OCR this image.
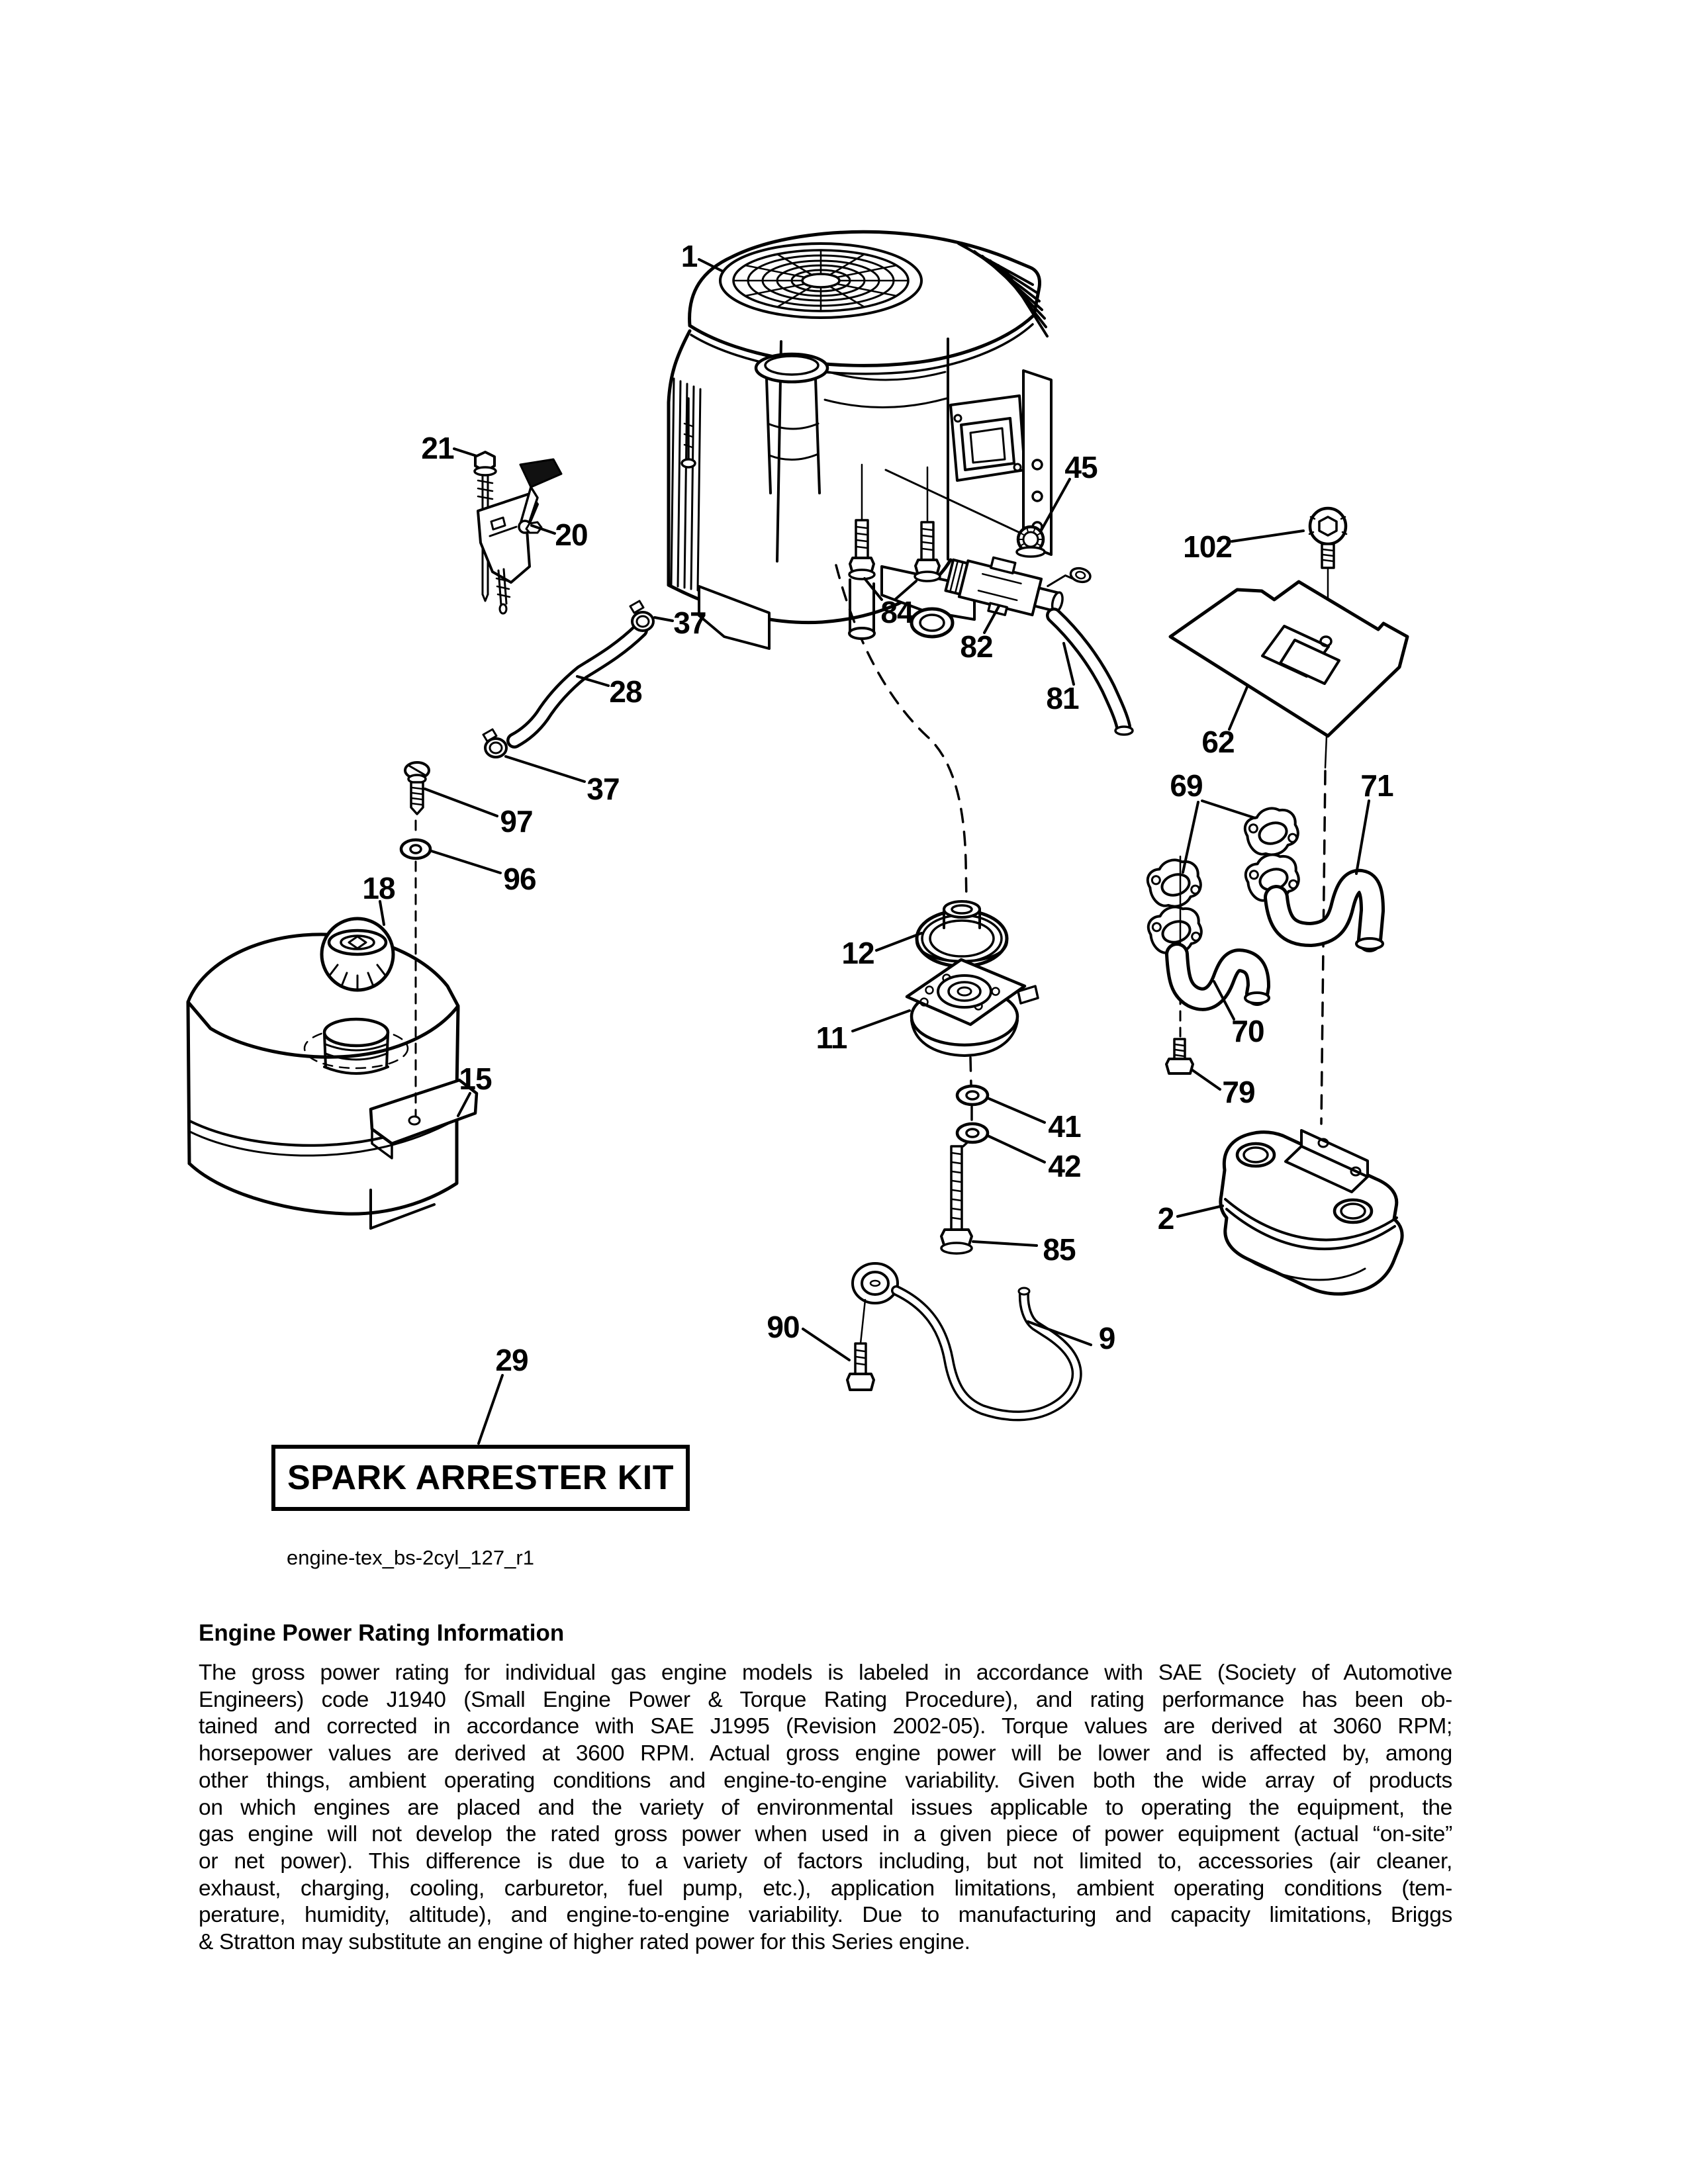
1
21
20
45
102
84
82
81
62
37
28
37
97
96
18
69	71
12
11	70
15	79
41
42
85
2
90	9
29
SPARK ARRESTER KIT
engine-tex_bs-2cyl_127_r1
Engine Power Rating Information
The gross power rating for individual gas engine models is labeled in accordance with SAE (Society of Automotive
Engineers) code J1940 (Small Engine Power & Torque Rating Procedure), and rating performance has been ob-
tained and corrected in accordance with SAE J1995 (Revision 2002-05). Torque values are derived at 3060 RPM;
horsepower values are derived at 3600 RPM. Actual gross engine power will be lower and is affected by, among
other things, ambient operating conditions and engine-to-engine variability. Given both the wide array of products
on which engines are placed and the variety of environmental issues applicable to operating the equipment, the
gas engine will not develop the rated gross power when used in a given piece of power equipment (actual “on-site”
or net power). This difference is due to a variety of factors including, but not limited to, accessories (air cleaner,
exhaust, charging, cooling, carburetor, fuel pump, etc.), application limitations, ambient operating conditions (tem-
perature, humidity, altitude), and engine-to-engine variability. Due to manufacturing and capacity limitations, Briggs
& Stratton may substitute an engine of higher rated power for this Series engine.
